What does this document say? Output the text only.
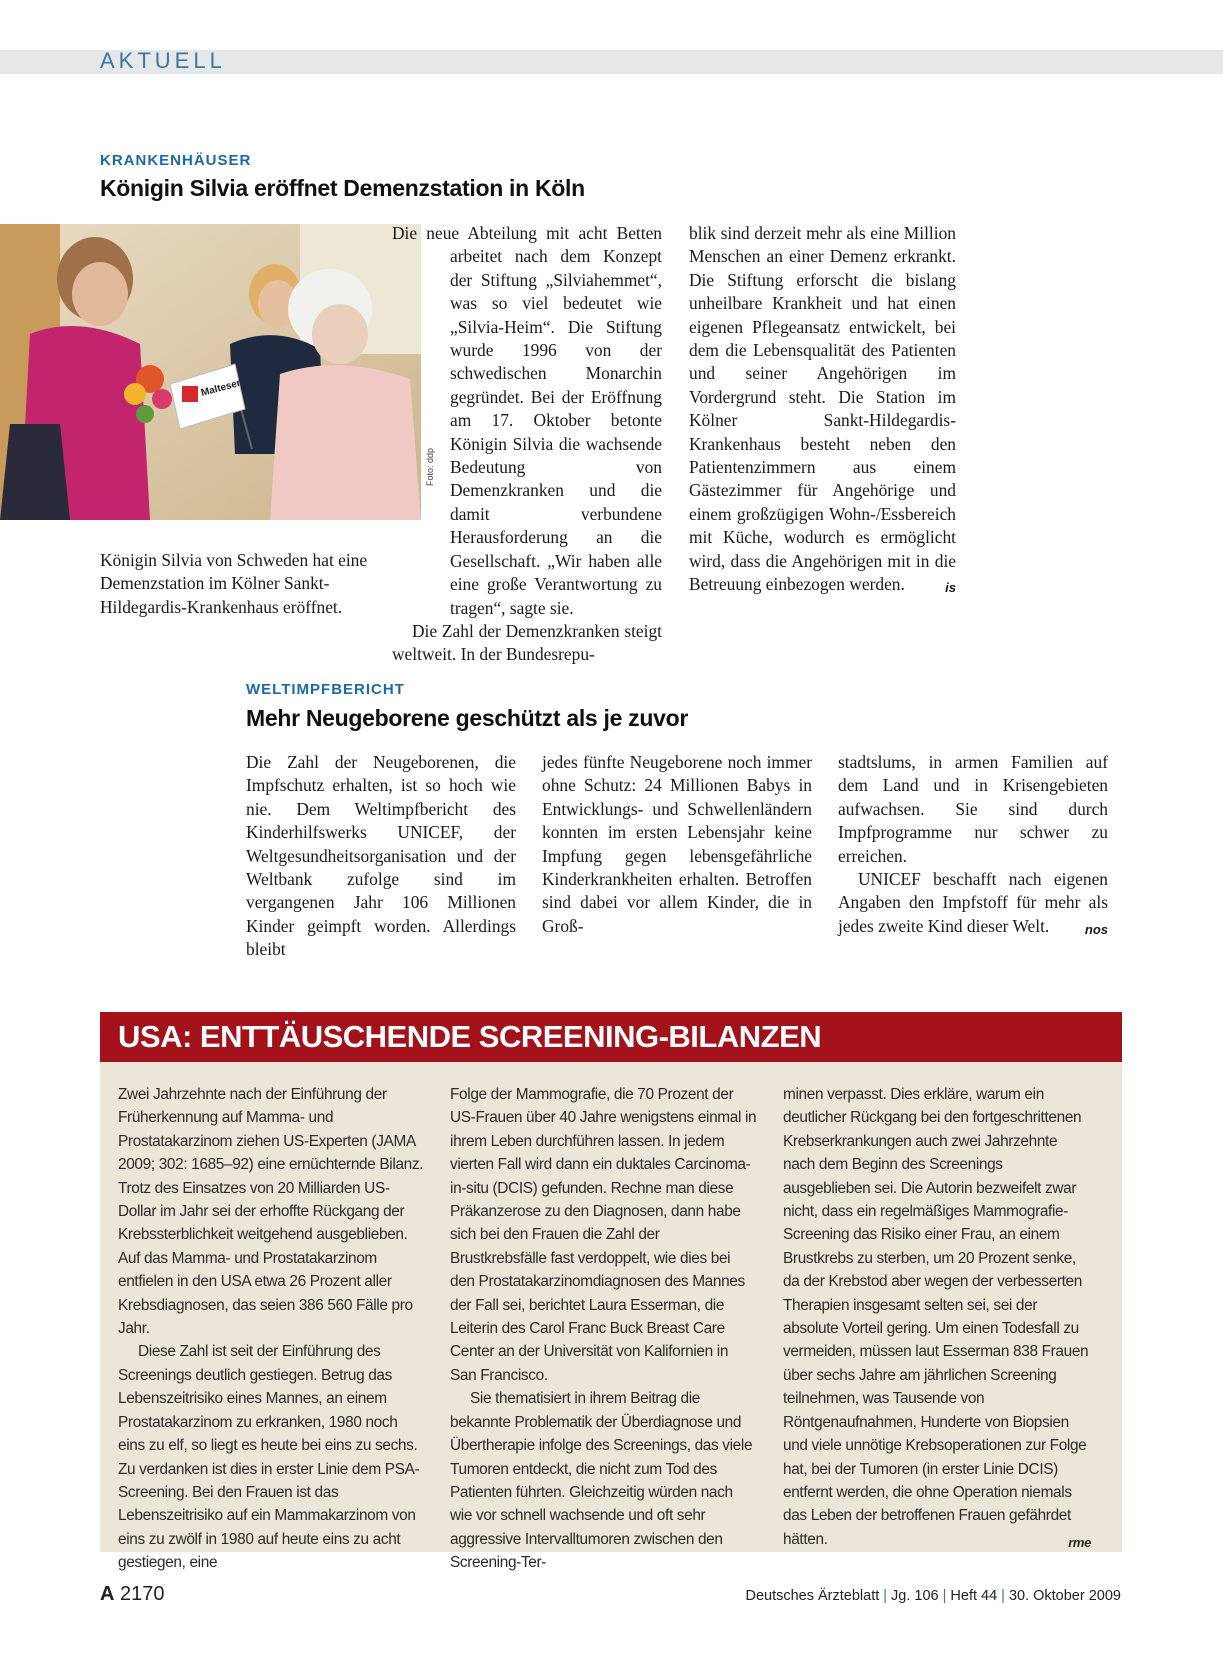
AKTUELL
KRANKENHÄUSER
Königin Silvia eröffnet Demenzstation in Köln
Malteser
Foto: ddp
Königin Silvia von Schweden hat eine Demenzstation im Kölner Sankt-Hildegardis-Krankenhaus eröffnet.

Die neue Abteilung mit acht Betten arbeitet nach dem Konzept der Stiftung „Silviahemmet“, was so viel bedeutet wie „Silvia-Heim“. Die Stiftung wurde 1996 von der schwedischen Monarchin gegründet. Bei der Eröffnung am 17. Oktober betonte Königin Silvia die wachsende Bedeutung von Demenzkranken und die damit verbundene Herausforderung an die Gesellschaft. „Wir haben alle eine große Verantwortung zu tragen“, sagte sie.

Die Zahl der Demenzkranken steigt weltweit. In der Bundesrepu-

blik sind derzeit mehr als eine Million Menschen an einer Demenz erkrankt. Die Stiftung erforscht die bislang unheilbare Krankheit und hat einen eigenen Pflegeansatz entwickelt, bei dem die Lebensqualität des Patienten und seiner Angehörigen im Vordergrund steht. Die Station im Kölner Sankt-Hildegardis-Krankenhaus besteht neben den Patientenzimmern aus einem Gästezimmer für Angehörige und einem großzügigen Wohn-/Essbereich mit Küche, wodurch es ermöglicht wird, dass die Angehörigen mit in die Betreuung einbezogen werden.	is

WELTIMPFBERICHT
Mehr Neugeborene geschützt als je zuvor

Die Zahl der Neugeborenen, die Impfschutz erhalten, ist so hoch wie nie. Dem Weltimpfbericht des Kinderhilfswerks UNICEF, der Weltgesundheitsorganisation und der Weltbank zufolge sind im vergangenen Jahr 106 Millionen Kinder geimpft worden. Allerdings bleibt

jedes fünfte Neugeborene noch immer ohne Schutz: 24 Millionen Babys in Entwicklungs- und Schwellenländern konnten im ersten Lebensjahr keine Impfung gegen lebensgefährliche Kinderkrankheiten erhalten. Betroffen sind dabei vor allem Kinder, die in Groß-

stadtslums, in armen Familien auf dem Land und in Krisengebieten aufwachsen. Sie sind durch Impfprogramme nur schwer zu erreichen.

UNICEF beschafft nach eigenen Angaben den Impfstoff für mehr als jedes zweite Kind dieser Welt.	nos

USA: ENTTÄUSCHENDE SCREENING-BILANZEN

Zwei Jahrzehnte nach der Einführung der Früherkennung auf Mamma- und Prostatakarzinom ziehen US-Experten (JAMA 2009; 302: 1685–92) eine ernüchternde Bilanz. Trotz des Einsatzes von 20 Milliarden US-Dollar im Jahr sei der erhoffte Rückgang der Krebssterblichkeit weitgehend ausgeblieben. Auf das Mamma- und Prostatakarzinom entfielen in den USA etwa 26 Prozent aller Krebsdiagnosen, das seien 386 560 Fälle pro Jahr.

Diese Zahl ist seit der Einführung des Screenings deutlich gestiegen. Betrug das Lebenszeitrisiko eines Mannes, an einem Prostatakarzinom zu erkranken, 1980 noch eins zu elf, so liegt es heute bei eins zu sechs. Zu verdanken ist dies in erster Linie dem PSA-Screening. Bei den Frauen ist das Lebenszeitrisiko auf ein Mammakarzinom von eins zu zwölf in 1980 auf heute eins zu acht gestiegen, eine

Folge der Mammografie, die 70 Prozent der US-Frauen über 40 Jahre wenigstens einmal in ihrem Leben durchführen lassen. In jedem vierten Fall wird dann ein duktales Carcinoma-in-situ (DCIS) gefunden. Rechne man diese Präkanzerose zu den Diagnosen, dann habe sich bei den Frauen die Zahl der Brustkrebsfälle fast verdoppelt, wie dies bei den Prostatakarzinomdiagnosen des Mannes der Fall sei, berichtet Laura Esserman, die Leiterin des Carol Franc Buck Breast Care Center an der Universität von Kalifornien in San Francisco.

Sie thematisiert in ihrem Beitrag die bekannte Problematik der Überdiagnose und Übertherapie infolge des Screenings, das viele Tumoren entdeckt, die nicht zum Tod des Patienten führten. Gleichzeitig würden nach wie vor schnell wachsende und oft sehr aggressive Intervalltumoren zwischen den Screening-Ter-

minen verpasst. Dies erkläre, warum ein deutlicher Rückgang bei den fortgeschrittenen Krebserkrankungen auch zwei Jahrzehnte nach dem Beginn des Screenings ausgeblieben sei. Die Autorin bezweifelt zwar nicht, dass ein regelmäßiges Mammografie-Screening das Risiko einer Frau, an einem Brustkrebs zu sterben, um 20 Prozent senke, da der Krebstod aber wegen der verbesserten Therapien insgesamt selten sei, sei der absolute Vorteil gering. Um einen Todesfall zu vermeiden, müssen laut Esserman 838 Frauen über sechs Jahre am jährlichen Screening teilnehmen, was Tausende von Röntgenaufnahmen, Hunderte von Biopsien und viele unnötige Krebsoperationen zur Folge hat, bei der Tumoren (in erster Linie DCIS) entfernt werden, die ohne Operation niemals das Leben der betroffenen Frauen gefährdet hätten.	rme

A 2170	Deutsches Ärzteblatt | Jg. 106 | Heft 44 | 30. Oktober 2009
